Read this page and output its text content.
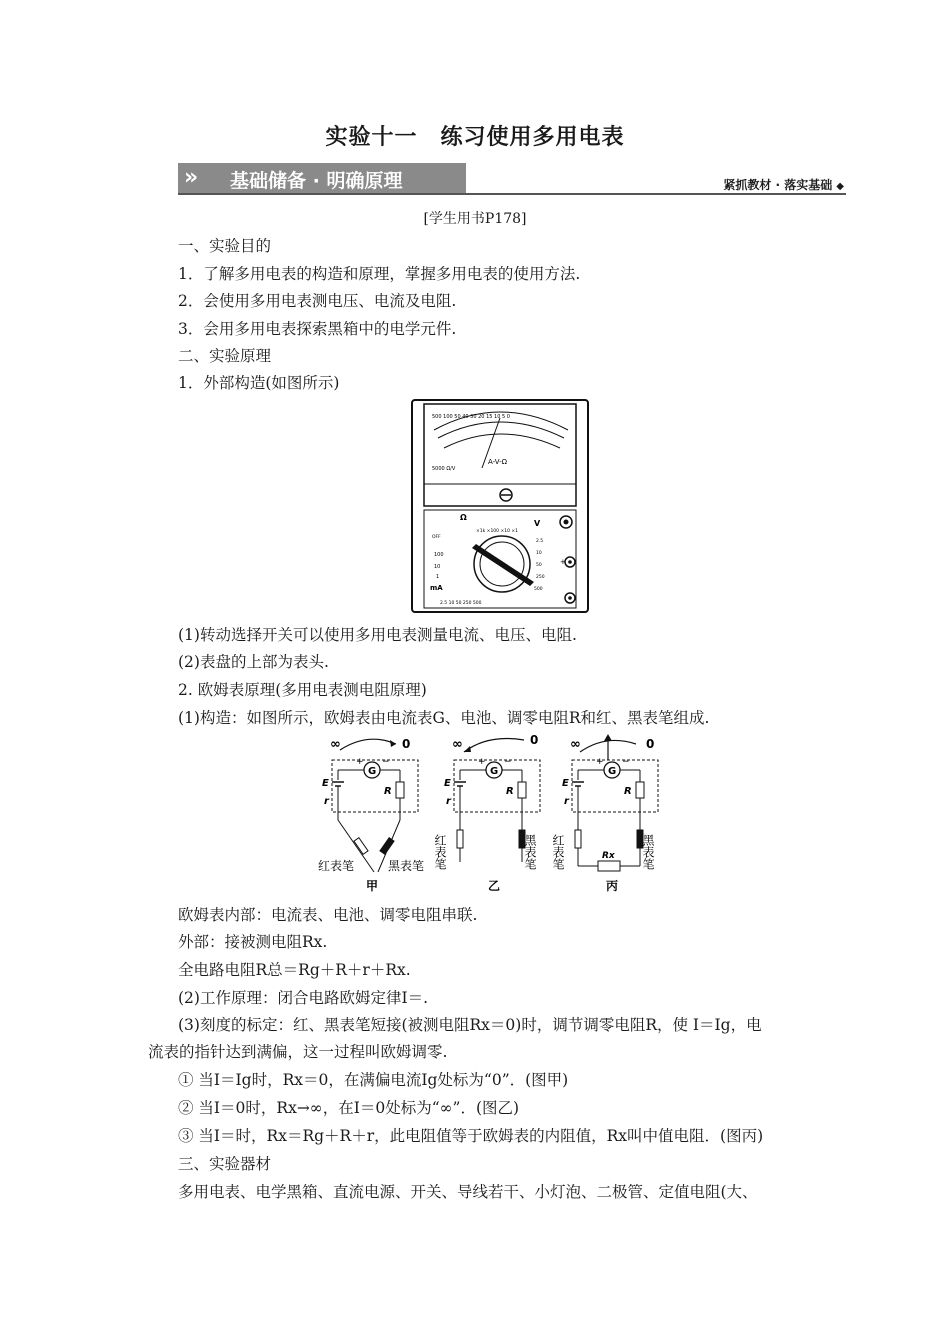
实验十一　练习使用多用电表
» 基础储备 · 明确原理	紧抓教材 · 落实基础 ◆
[学生用书P178]
一、实验目的
1．了解多用电表的构造和原理，掌握多用电表的使用方法.
2．会使用多用电表测电压、电流及电阻.
3．会用多用电表探索黑箱中的电学元件.
二、实验原理
1．外部构造(如图所示)
500 100 50 40 30 20 15 10 5 0
A-V-Ω
5000 Ω/V
Ω
V
×1k ×100 ×10 ×1
OFF
100
10
1
mA
2.5
10
50
250
500
2.5 10 50 250 500
+
(1)转动选择开关可以使用多用电表测量电流、电压、电阻.
(2)表盘的上部为表头.
2. 欧姆表原理(多用电表测电阻原理)
(1)构造：如图所示，欧姆表由电流表G、电池、调零电阻R和红、黑表笔组成.
∞	0
G
+ −
E
r
R
红表笔	黑表笔
甲
∞	0
G
+ −
E
r
R
红表笔	黑表笔
乙
∞	0
G
+ −
E
r
R
Rx
红表笔	黑表笔
丙
欧姆表内部：电流表、电池、调零电阻串联.
外部：接被测电阻Rx.
全电路电阻R总＝Rg＋R＋r＋Rx.
(2)工作原理：闭合电路欧姆定律I＝.
(3)刻度的标定：红、黑表笔短接(被测电阻Rx＝0)时，调节调零电阻R，使 I＝Ig，电
流表的指针达到满偏，这一过程叫欧姆调零.
① 当I＝Ig时，Rx＝0，在满偏电流Ig处标为“0”．(图甲)
② 当I＝0时，Rx→∞，在I＝0处标为“∞”．(图乙)
③ 当I＝时，Rx＝Rg＋R＋r，此电阻值等于欧姆表的内阻值，Rx叫中值电阻．(图丙)
三、实验器材
多用电表、电学黑箱、直流电源、开关、导线若干、小灯泡、二极管、定值电阻(大、
